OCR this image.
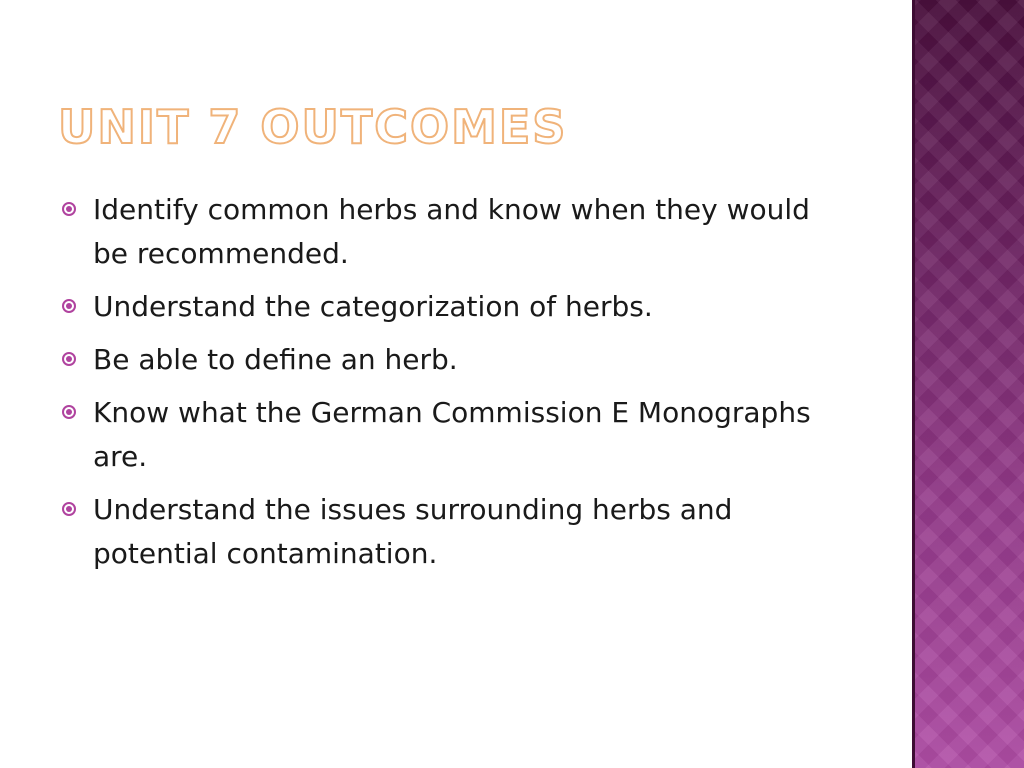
UNIT 7 OUTCOMES
Identify common herbs and know when they would be recommended.
Understand the categorization of herbs.
Be able to define an herb.
Know what the German Commission E Monographs are.
Understand the issues surrounding herbs and potential contamination.
